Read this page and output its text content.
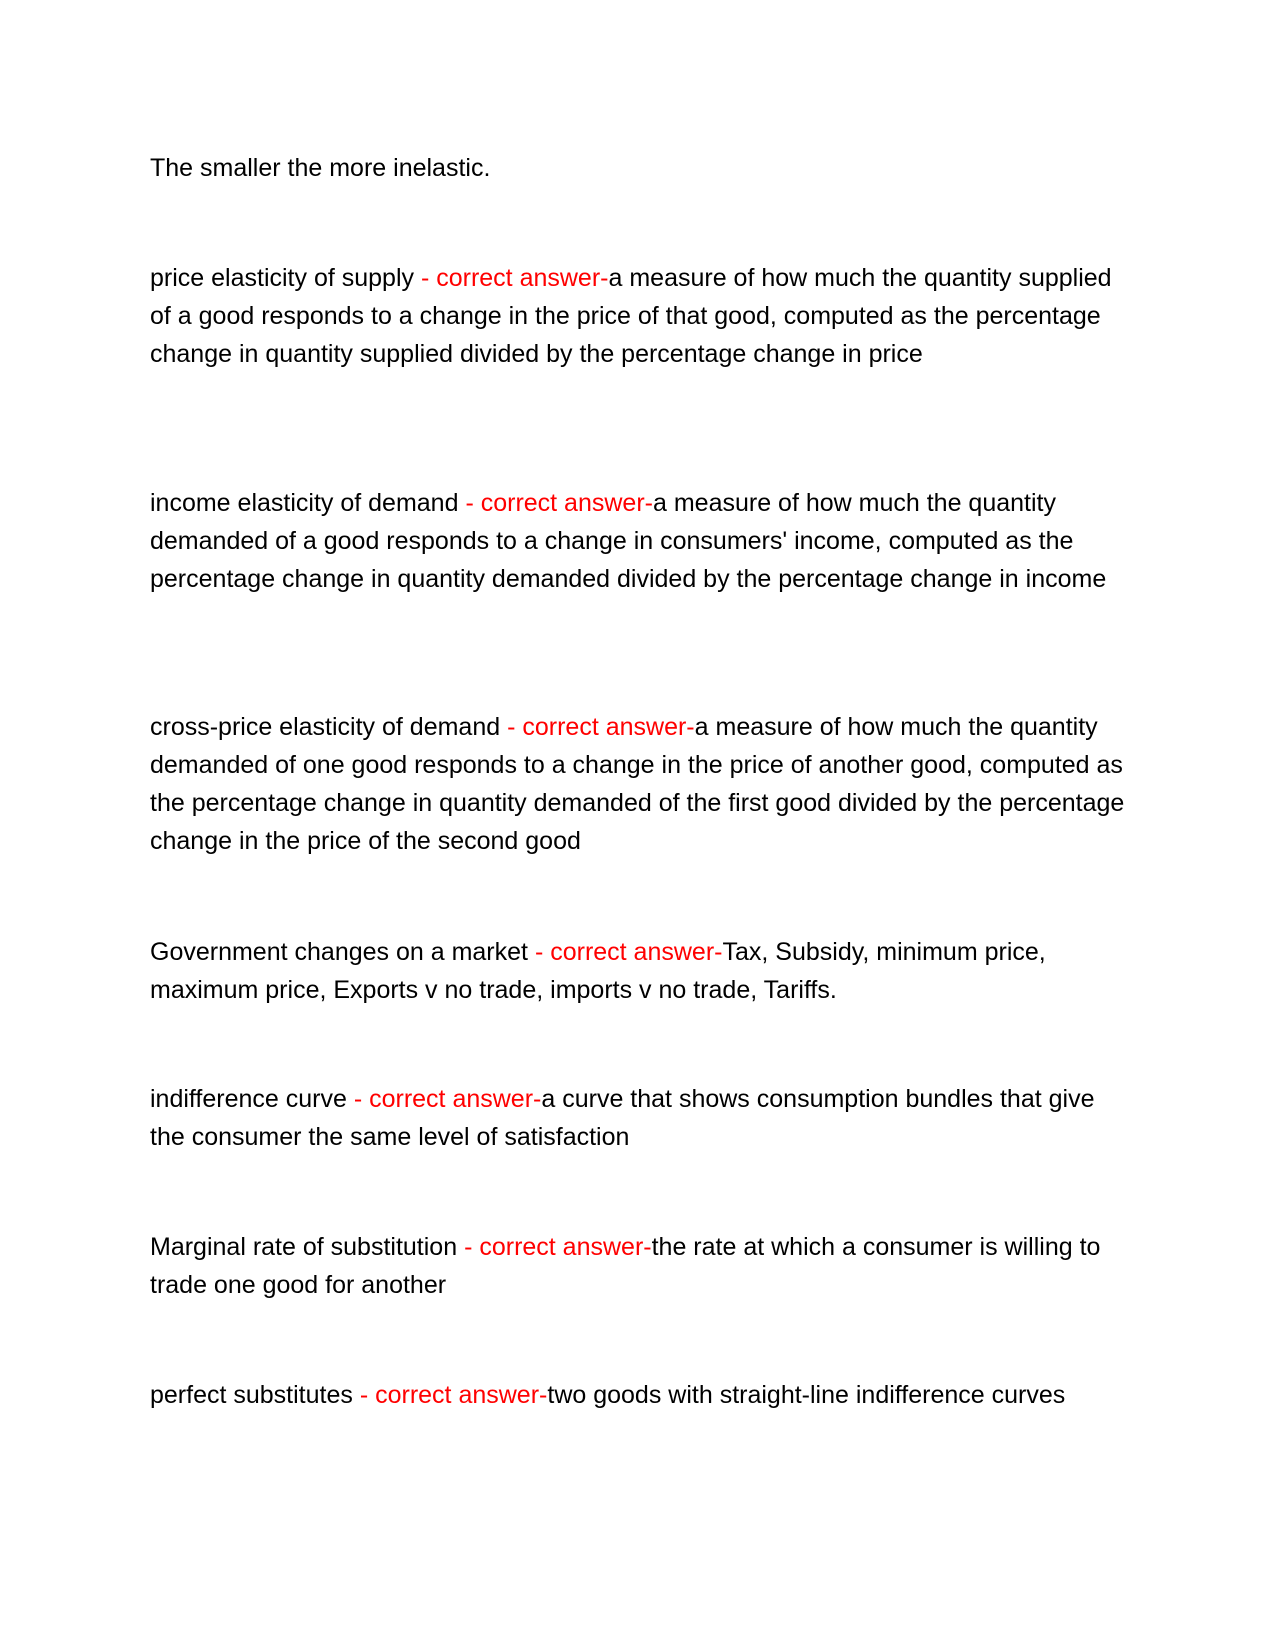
The smaller the more inelastic.

price elasticity of supply - correct answer-a measure of how much the quantity supplied of a good responds to a change in the price of that good, computed as the percentage change in quantity supplied divided by the percentage change in price

income elasticity of demand - correct answer-a measure of how much the quantity demanded of a good responds to a change in consumers' income, computed as the percentage change in quantity demanded divided by the percentage change in income

cross-price elasticity of demand - correct answer-a measure of how much the quantity demanded of one good responds to a change in the price of another good, computed as the percentage change in quantity demanded of the first good divided by the percentage change in the price of the second good

Government changes on a market - correct answer-Tax, Subsidy, minimum price, maximum price, Exports v no trade, imports v no trade, Tariffs.

indifference curve - correct answer-a curve that shows consumption bundles that give the consumer the same level of satisfaction

Marginal rate of substitution - correct answer-the rate at which a consumer is willing to trade one good for another

perfect substitutes - correct answer-two goods with straight-line indifference curves
